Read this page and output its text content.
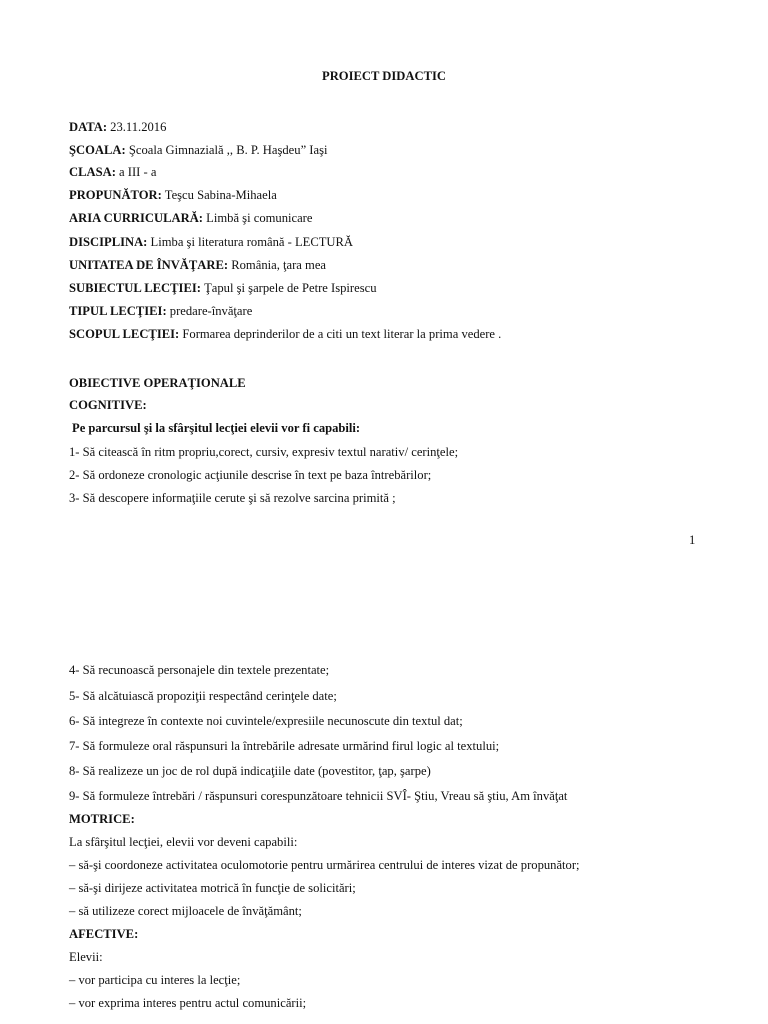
PROIECT DIDACTIC
DATA: 23.11.2016
ŞCOALA: Şcoala Gimnazială ,, B. P. Haşdeu” Iaşi
CLASA: a III - a
PROPUNĂTOR: Teşcu Sabina-Mihaela
ARIA CURRICULARĂ: Limbă şi comunicare
DISCIPLINA: Limba şi literatura română - LECTURĂ
UNITATEA DE ÎNVĂŢARE: România, ţara mea
SUBIECTUL LECŢIEI: Ţapul şi şarpele de Petre Ispirescu
TIPUL LECŢIEI: predare-învăţare
SCOPUL LECŢIEI: Formarea deprinderilor de a citi un text literar la prima vedere .
OBIECTIVE OPERAŢIONALE
COGNITIVE:
Pe parcursul şi la sfârşitul lecţiei elevii vor fi capabili:
1- Să citească în ritm propriu,corect, cursiv, expresiv textul narativ/ cerinţele;
2- Să ordoneze cronologic acţiunile descrise în text pe baza întrebărilor;
3- Să descopere informaţiile cerute şi să rezolve sarcina primită ;
1
4- Să recunoască personajele din textele prezentate;
5- Să alcătuiască propoziţii respectând cerinţele date;
6- Să integreze în contexte noi cuvintele/expresiile necunoscute din textul dat;
7- Să formuleze oral răspunsuri la întrebările adresate urmărind firul logic al textului;
8- Să realizeze un joc de rol după indicaţiile date (povestitor, ţap, şarpe)
9- Să formuleze întrebări / răspunsuri corespunzătoare tehnicii SVÎ- Ştiu, Vreau să ştiu, Am învăţat
MOTRICE:
La sfârşitul lecţiei, elevii vor deveni capabili:
– să-şi coordoneze activitatea oculomotorie pentru urmărirea centrului de interes vizat de propunător;
– să-şi dirijeze activitatea motrică în funcţie de solicitări;
– să utilizeze corect mijloacele de învăţământ;
AFECTIVE:
Elevii:
– vor participa cu interes la lecţie;
– vor exprima interes pentru actul comunicării;
